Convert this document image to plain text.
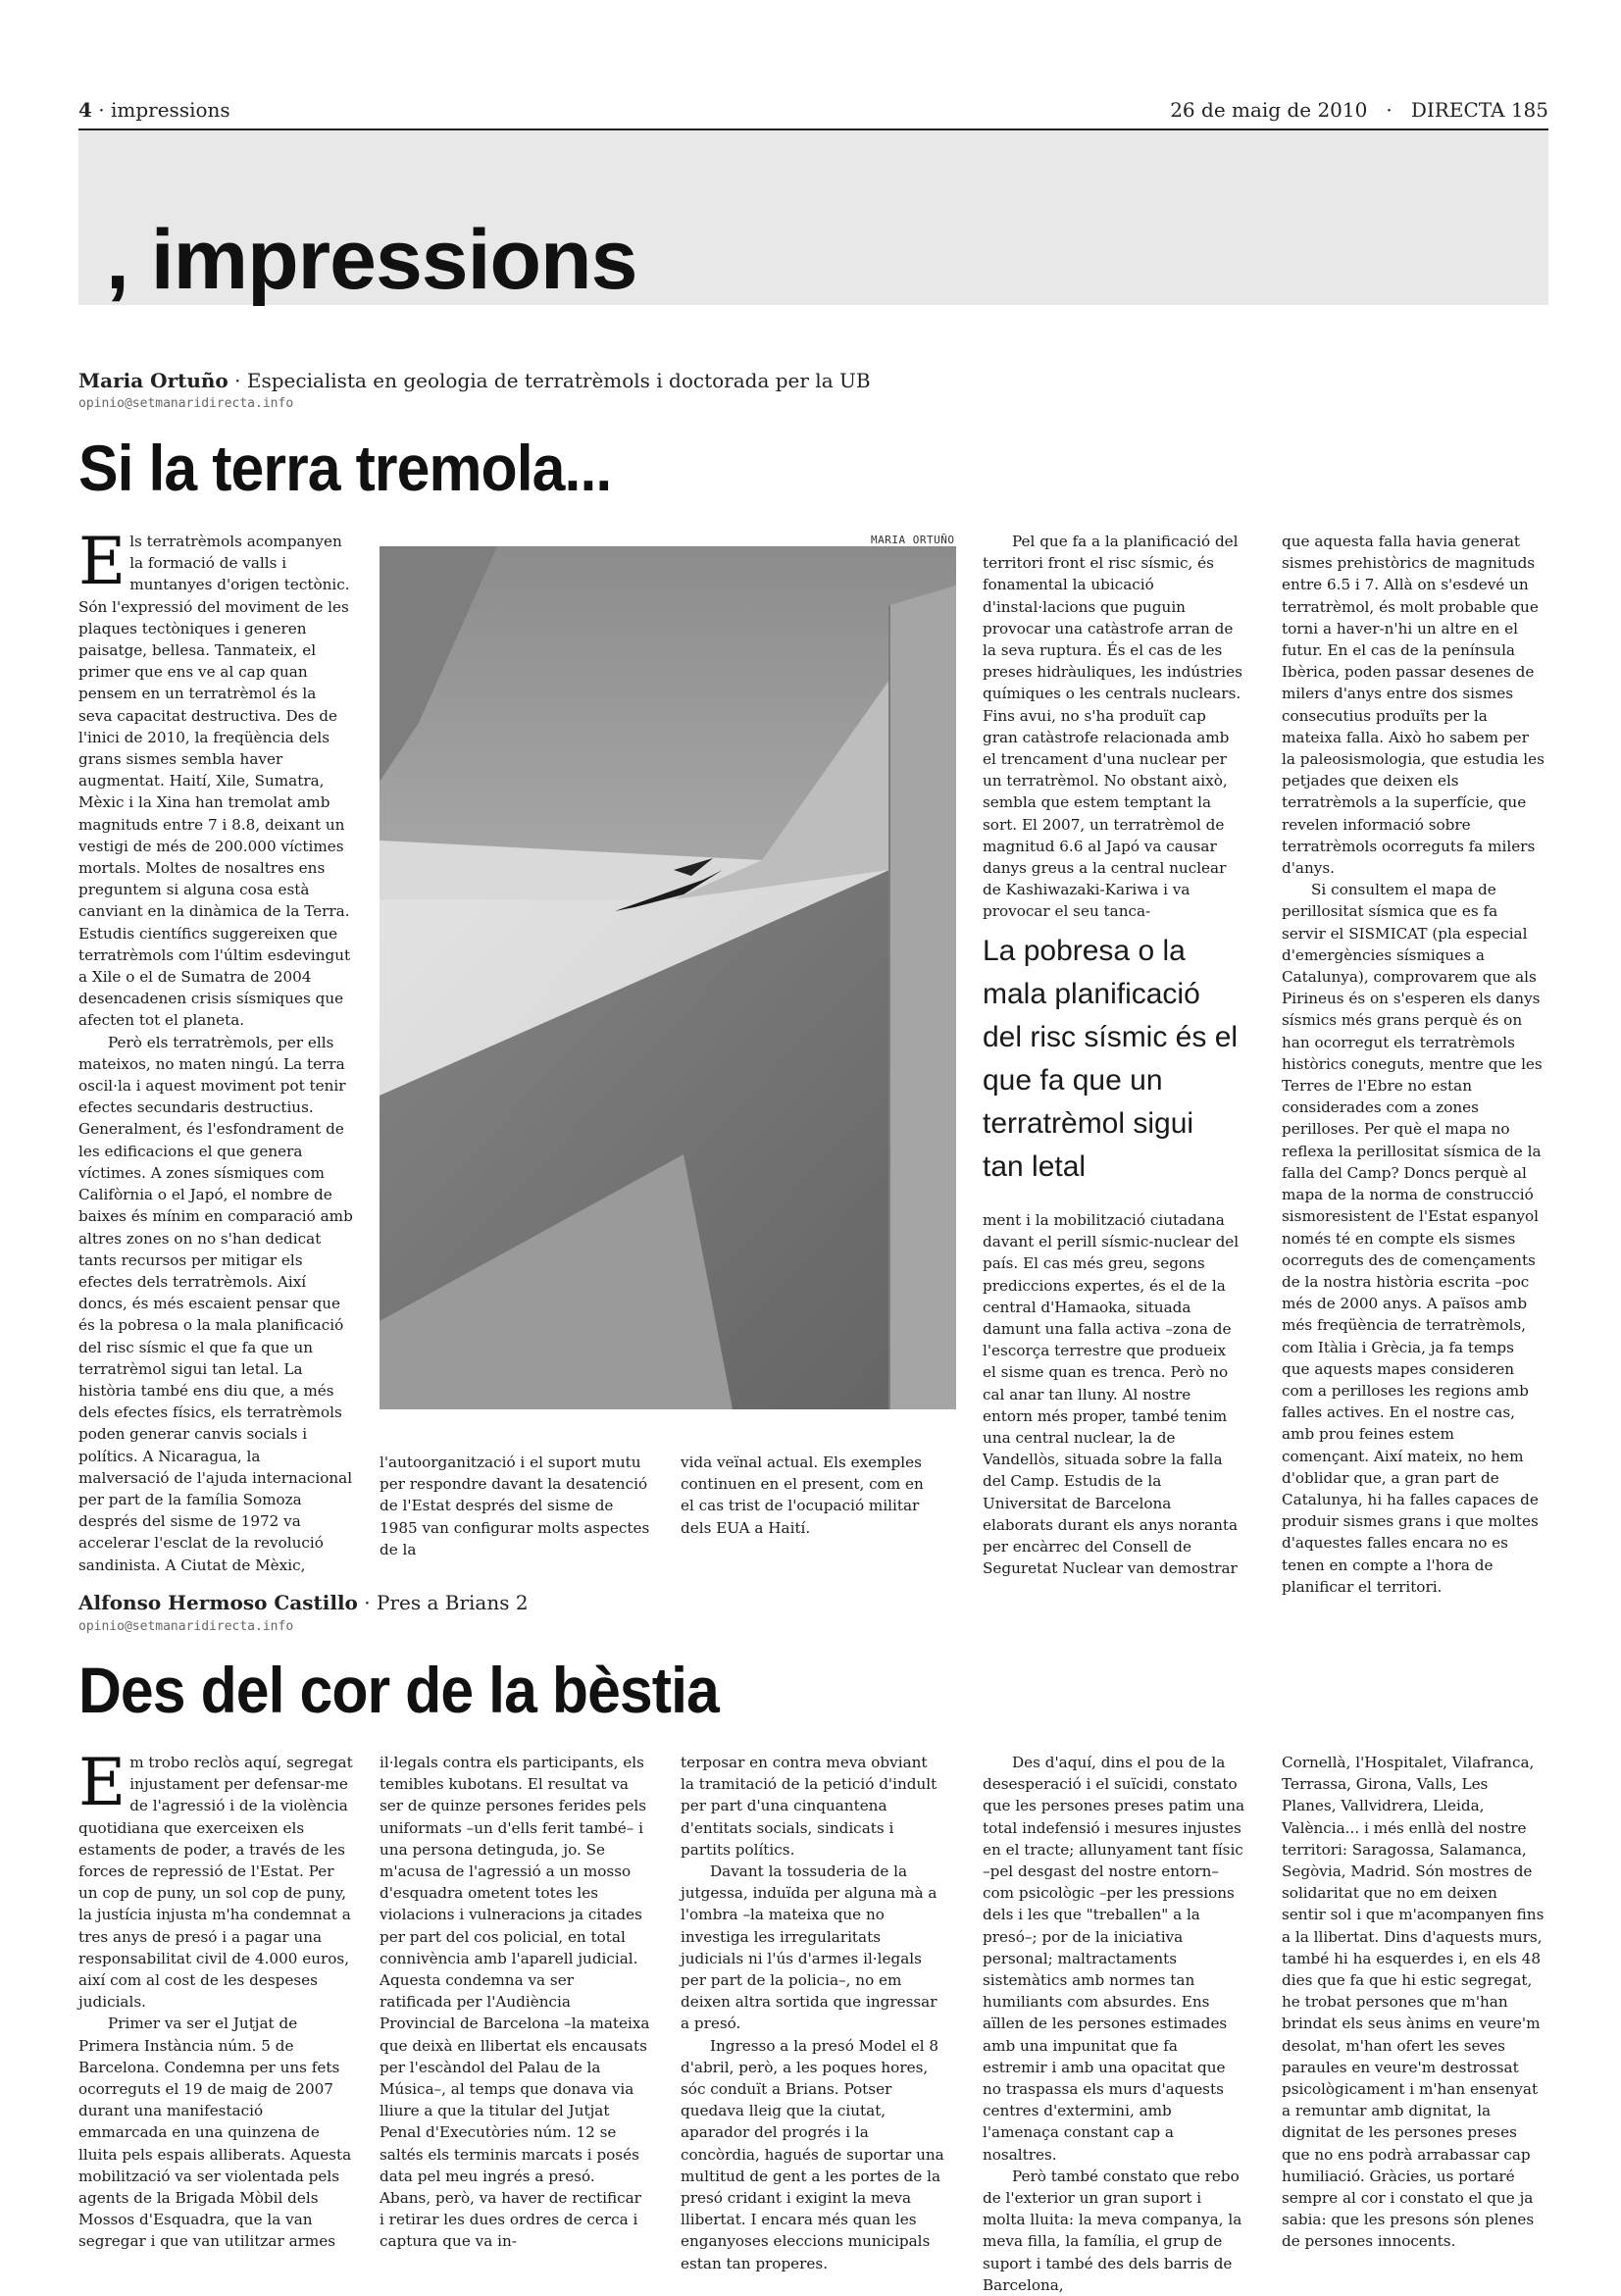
4 · impressions	26 de maig de 2010   ·   DIRECTA 185
, impressions
Maria Ortuño · Especialista en geologia de terratrèmols i doctorada per la UB
opinio@setmanaridirecta.info
Si la terra tremola...

Els terratrèmols acompanyen la formació de valls i muntanyes d'origen tectònic. Són l'expressió del moviment de les plaques tectòniques i generen paisatge, bellesa. Tanmateix, el primer que ens ve al cap quan pensem en un terratrèmol és la seva capacitat destructiva. Des de l'inici de 2010, la freqüència dels grans sismes sembla haver augmentat. Haití, Xile, Sumatra, Mèxic i la Xina han tremolat amb magnituds entre 7 i 8.8, deixant un vestigi de més de 200.000 víctimes mortals. Moltes de nosaltres ens preguntem si alguna cosa està canviant en la dinàmica de la Terra. Estudis científics suggereixen que terratrèmols com l'últim esdevingut a Xile o el de Sumatra de 2004 desencadenen crisis sísmiques que afecten tot el planeta.

Però els terratrèmols, per ells mateixos, no maten ningú. La terra oscil·la i aquest moviment pot tenir efectes secundaris destructius. Generalment, és l'esfondrament de les edificacions el que genera víctimes. A zones sísmiques com Califòrnia o el Japó, el nombre de baixes és mínim en comparació amb altres zones on no s'han dedicat tants recursos per mitigar els efectes dels terratrèmols. Així doncs, és més escaient pensar que és la pobresa o la mala planificació del risc sísmic el que fa que un terratrèmol sigui tan letal. La història també ens diu que, a més dels efectes físics, els terratrèmols poden generar canvis socials i polítics. A Nicaragua, la malversació de l'ajuda internacional per part de la família Somoza després del sisme de 1972 va accelerar l'esclat de la revolució sandinista. A Ciutat de Mèxic,

MARIA ORTUÑO
l'autoorganització i el suport mutu per respondre davant la desatenció de l'Estat després del sisme de 1985 van configurar molts aspectes de la
vida veïnal actual. Els exemples continuen en el present, com en el cas trist de l'ocupació militar dels EUA a Haití.

Pel que fa a la planificació del territori front el risc sísmic, és fonamental la ubicació d'instal·lacions que puguin provocar una catàstrofe arran de la seva ruptura. És el cas de les preses hidràuliques, les indústries químiques o les centrals nuclears. Fins avui, no s'ha produït cap gran catàstrofe relacionada amb el trencament d'una nuclear per un terratrèmol. No obstant això, sembla que estem temptant la sort. El 2007, un terratrèmol de magnitud 6.6 al Japó va causar danys greus a la central nuclear de Kashiwazaki-Kariwa i va provocar el seu tanca-

La pobresa o la mala planificació del risc sísmic és el que fa que un terratrèmol sigui tan letal
ment i la mobilització ciutadana davant el perill sísmic-nuclear del país. El cas més greu, segons prediccions expertes, és el de la central d'Hamaoka, situada damunt una falla activa –zona de l'escorça terrestre que produeix el sisme quan es trenca. Però no cal anar tan lluny. Al nostre entorn més proper, també tenim una central nuclear, la de Vandellòs, situada sobre la falla del Camp. Estudis de la Universitat de Barcelona elaborats durant els anys noranta per encàrrec del Consell de Seguretat Nuclear van demostrar

que aquesta falla havia generat sismes prehistòrics de magnituds entre 6.5 i 7. Allà on s'esdevé un terratrèmol, és molt probable que torni a haver-n'hi un altre en el futur. En el cas de la península Ibèrica, poden passar desenes de milers d'anys entre dos sismes consecutius produïts per la mateixa falla. Això ho sabem per la paleosismologia, que estudia les petjades que deixen els terratrèmols a la superfície, que revelen informació sobre terratrèmols ocorreguts fa milers d'anys.

Si consultem el mapa de perillositat sísmica que es fa servir el SISMICAT (pla especial d'emergències sísmiques a Catalunya), comprovarem que als Pirineus és on s'esperen els danys sísmics més grans perquè és on han ocorregut els terratrèmols històrics coneguts, mentre que les Terres de l'Ebre no estan considerades com a zones perilloses. Per què el mapa no reflexa la perillositat sísmica de la falla del Camp? Doncs perquè al mapa de la norma de construcció sismoresistent de l'Estat espanyol només té en compte els sismes ocorreguts des de començaments de la nostra història escrita –poc més de 2000 anys. A països amb més freqüència de terratrèmols, com Itàlia i Grècia, ja fa temps que aquests mapes consideren com a perilloses les regions amb falles actives. En el nostre cas, amb prou feines estem començant. Així mateix, no hem d'oblidar que, a gran part de Catalunya, hi ha falles capaces de produir sismes grans i que moltes d'aquestes falles encara no es tenen en compte a l'hora de planificar el territori.

Alfonso Hermoso Castillo · Pres a Brians 2
opinio@setmanaridirecta.info
Des del cor de la bèstia

Em trobo reclòs aquí, segregat injustament per defensar-me de l'agressió i de la violència quotidiana que exerceixen els estaments de poder, a través de les forces de repressió de l'Estat. Per un cop de puny, un sol cop de puny, la justícia injusta m'ha condemnat a tres anys de presó i a pagar una responsabilitat civil de 4.000 euros, així com al cost de les despeses judicials.

Primer va ser el Jutjat de Primera Instància núm. 5 de Barcelona. Condemna per uns fets ocorreguts el 19 de maig de 2007 durant una manifestació emmarcada en una quinzena de lluita pels espais alliberats. Aquesta mobilització va ser violentada pels agents de la Brigada Mòbil dels Mossos d'Esquadra, que la van segregar i que van utilitzar armes

il·legals contra els participants, els temibles kubotans. El resultat va ser de quinze persones ferides pels uniformats –un d'ells ferit també– i una persona detinguda, jo. Se m'acusa de l'agressió a un mosso d'esquadra ometent totes les violacions i vulneracions ja citades per part del cos policial, en total connivència amb l'aparell judicial. Aquesta condemna va ser ratificada per l'Audiència Provincial de Barcelona –la mateixa que deixà en llibertat els encausats per l'escàndol del Palau de la Música–, al temps que donava via lliure a que la titular del Jutjat Penal d'Executòries núm. 12 se saltés els terminis marcats i posés data pel meu ingrés a presó. Abans, però, va haver de rectificar i retirar les dues ordres de cerca i captura que va in-

terposar en contra meva obviant la tramitació de la petició d'indult per part d'una cinquantena d'entitats socials, sindicats i partits polítics.

Davant la tossuderia de la jutgessa, induïda per alguna mà a l'ombra –la mateixa que no investiga les irregularitats judicials ni l'ús d'armes il·legals per part de la policia–, no em deixen altra sortida que ingressar a presó.

Ingresso a la presó Model el 8 d'abril, però, a les poques hores, sóc conduït a Brians. Potser quedava lleig que la ciutat, aparador del progrés i la concòrdia, hagués de suportar una multitud de gent a les portes de la presó cridant i exigint la meva llibertat. I encara més quan les enganyoses eleccions municipals estan tan properes.

Des d'aquí, dins el pou de la desesperació i el suïcidi, constato que les persones preses patim una total indefensió i mesures injustes en el tracte; allunyament tant físic –pel desgast del nostre entorn– com psicològic –per les pressions dels i les que "treballen" a la presó–; por de la iniciativa personal; maltractaments sistemàtics amb normes tan humiliants com absurdes. Ens aïllen de les persones estimades amb una impunitat que fa estremir i amb una opacitat que no traspassa els murs d'aquests centres d'extermini, amb l'amenaça constant cap a nosaltres.

Però també constato que rebo de l'exterior un gran suport i molta lluita: la meva companya, la meva filla, la família, el grup de suport i també des dels barris de Barcelona,

Cornellà, l'Hospitalet, Vilafranca, Terrassa, Girona, Valls, Les Planes, Vallvidrera, Lleida, València... i més enllà del nostre territori: Saragossa, Salamanca, Segòvia, Madrid. Són mostres de solidaritat que no em deixen sentir sol i que m'acompanyen fins a la llibertat. Dins d'aquests murs, també hi ha esquerdes i, en els 48 dies que fa que hi estic segregat, he trobat persones que m'han brindat els seus ànims en veure'm desolat, m'han ofert les seves paraules en veure'm destrossat psicològicament i m'han ensenyat a remuntar amb dignitat, la dignitat de les persones preses que no ens podrà arrabassar cap humiliació. Gràcies, us portaré sempre al cor i constato el que ja sabia: que les presons són plenes de persones innocents.
